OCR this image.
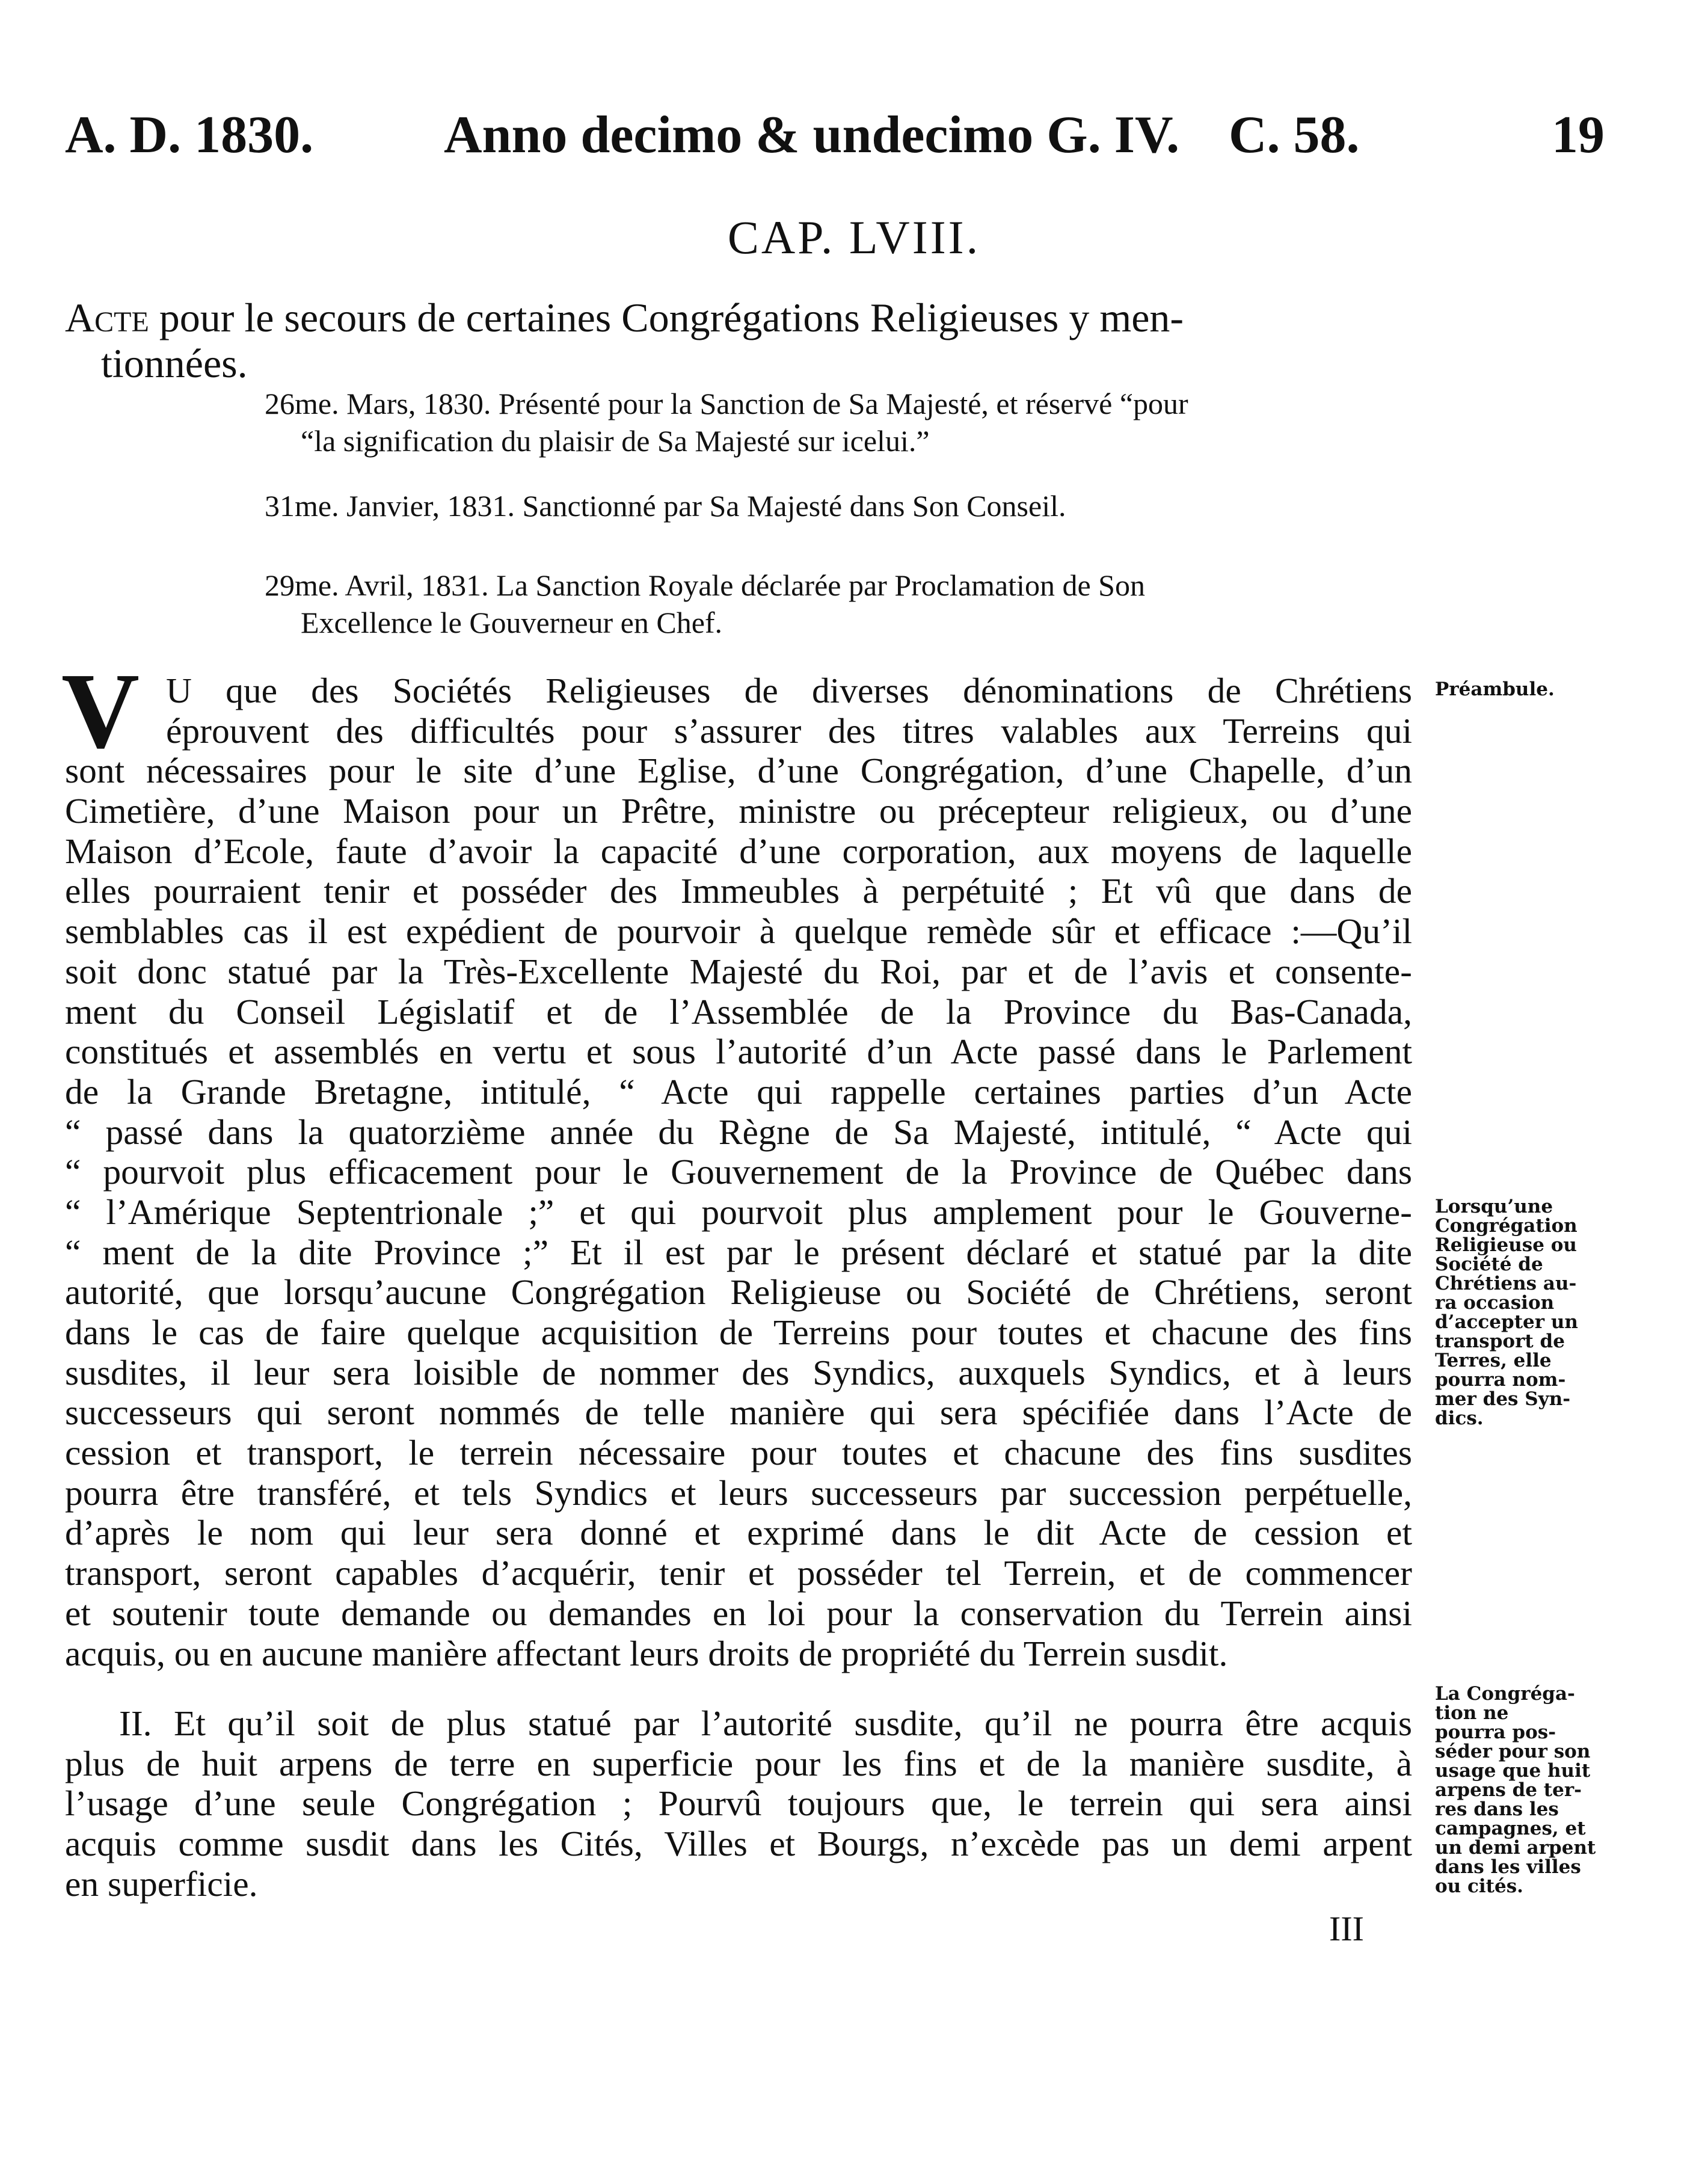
A. D. 1830. Anno decimo & undecimo G. IV. C. 58.	19
CAP. LVIII.
Acte pour le secours de certaines Congrégations Religieuses y men-
tionnées.

26me. Mars, 1830. Présenté pour la Sanction de Sa Majesté, et réservé “pour

“la signification du plaisir de Sa Majesté sur icelui.”

31me. Janvier, 1831. Sanctionné par Sa Majesté dans Son Conseil.

29me. Avril, 1831. La Sanction Royale déclarée par Proclamation de Son

Excellence le Gouverneur en Chef.

V U que des Sociétés Religieuses de diverses dénominations de Chrétiens
éprouvent des difficultés pour s’assurer des titres valables aux Terreins qui
sont nécessaires pour le site d’une Eglise, d’une Congrégation, d’une Chapelle, d’un
Cimetière, d’une Maison pour un Prêtre, ministre ou précepteur religieux, ou d’une
Maison d’Ecole, faute d’avoir la capacité d’une corporation, aux moyens de laquelle
elles pourraient tenir et posséder des Immeubles à perpétuité ; Et vû que dans de
semblables cas il est expédient de pourvoir à quelque remède sûr et efficace :—Qu’il
soit donc statué par la Très-Excellente Majesté du Roi, par et de l’avis et consente-
ment du Conseil Législatif et de l’Assemblée de la Province du Bas-Canada,
constitués et assemblés en vertu et sous l’autorité d’un Acte passé dans le Parlement
de la Grande Bretagne, intitulé, “ Acte qui rappelle certaines parties d’un Acte
“ passé dans la quatorzième année du Règne de Sa Majesté, intitulé, “ Acte qui
“ pourvoit plus efficacement pour le Gouvernement de la Province de Québec dans
“ l’Amérique Septentrionale ;” et qui pourvoit plus amplement pour le Gouverne-
“ ment de la dite Province ;” Et il est par le présent déclaré et statué par la dite
autorité, que lorsqu’aucune Congrégation Religieuse ou Société de Chrétiens, seront
dans le cas de faire quelque acquisition de Terreins pour toutes et chacune des fins
susdites, il leur sera loisible de nommer des Syndics, auxquels Syndics, et à leurs
successeurs qui seront nommés de telle manière qui sera spécifiée dans l’Acte de
cession et transport, le terrein nécessaire pour toutes et chacune des fins susdites
pourra être transféré, et tels Syndics et leurs successeurs par succession perpétuelle,
d’après le nom qui leur sera donné et exprimé dans le dit Acte de cession et
transport, seront capables d’acquérir, tenir et posséder tel Terrein, et de commencer
et soutenir toute demande ou demandes en loi pour la conservation du Terrein ainsi
acquis, ou en aucune manière affectant leurs droits de propriété du Terrein susdit.
II. Et qu’il soit de plus statué par l’autorité susdite, qu’il ne pourra être acquis
plus de huit arpens de terre en superficie pour les fins et de la manière susdite, à
l’usage d’une seule Congrégation ; Pourvû toujours que, le terrein qui sera ainsi
acquis comme susdit dans les Cités, Villes et Bourgs, n’excède pas un demi arpent
en superficie.
III
Préambule.

Lorsqu’une

Congrégation

Religieuse ou

Société de

Chrétiens au-

ra occasion

d’accepter un

transport de

Terres, elle

pourra nom-

mer des Syn-

dics.

La Congréga-

tion ne

pourra pos-

séder pour son

usage que huit

arpens de ter-

res dans les

campagnes, et

un demi arpent

dans les villes

ou cités.
